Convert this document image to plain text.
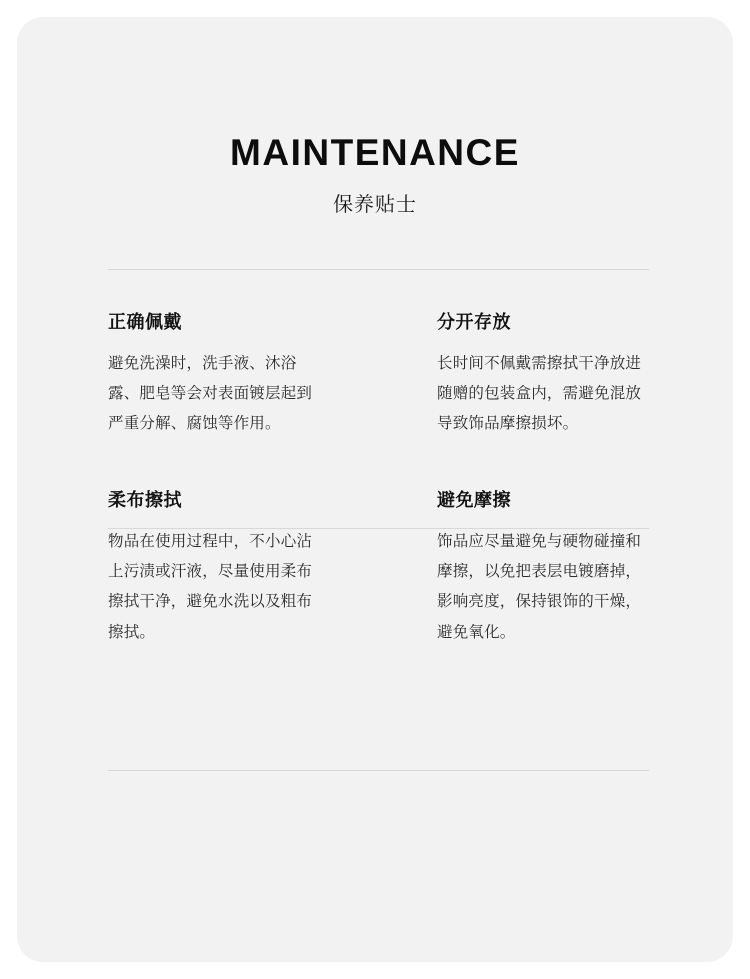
MAINTENANCE
保养贴士
正确佩戴
避免洗澡时，洗手液、沐浴露、肥皂等会对表面镀层起到严重分解、腐蚀等作用。
分开存放
长时间不佩戴需擦拭干净放进随赠的包装盒内，需避免混放导致饰品摩擦损坏。
柔布擦拭
物品在使用过程中，不小心沾上污渍或汗液，尽量使用柔布擦拭干净，避免水洗以及粗布擦拭。
避免摩擦
饰品应尽量避免与硬物碰撞和摩擦，以免把表层电镀磨掉，影响亮度，保持银饰的干燥，避免氧化。
